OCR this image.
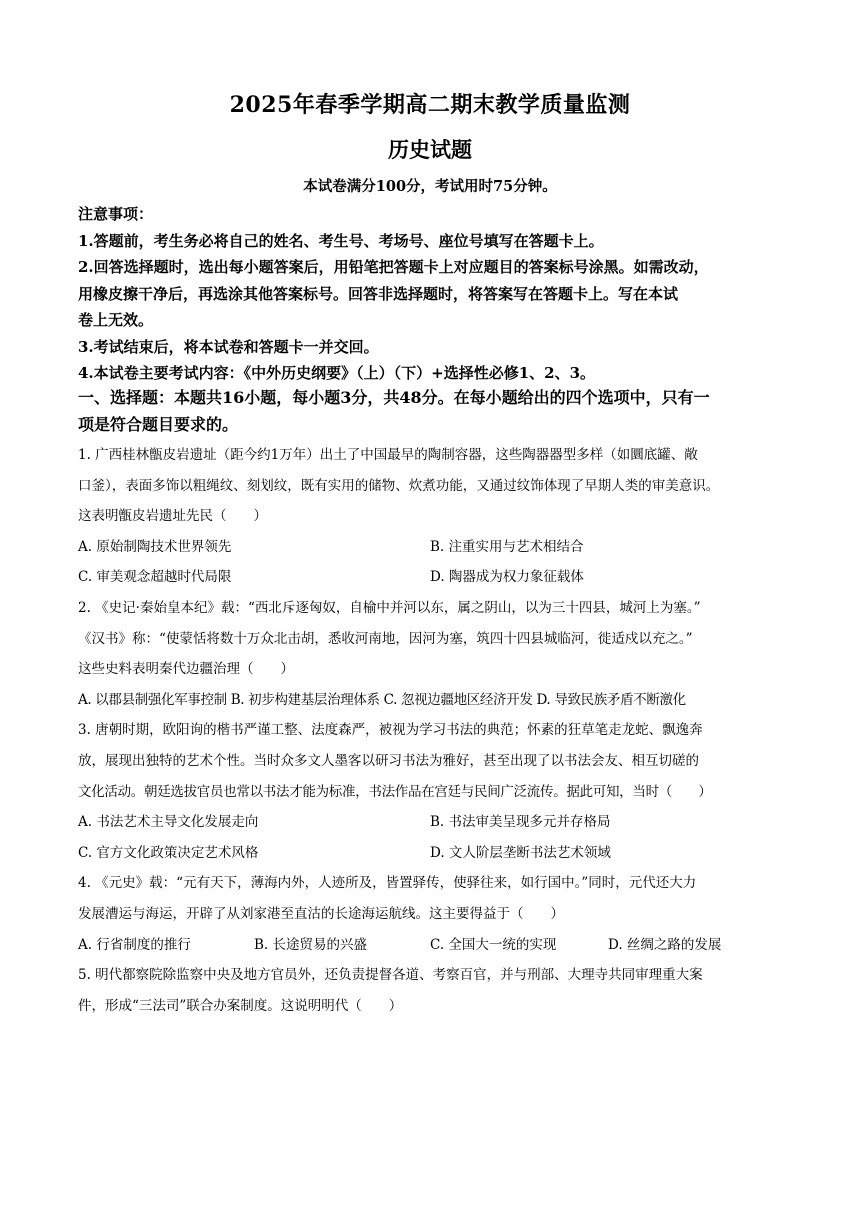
2025年春季学期高二期末教学质量监测
历史试题
本试卷满分100分，考试用时75分钟。

注意事项：

1.答题前，考生务必将自己的姓名、考生号、考场号、座位号填写在答题卡上。

2.回答选择题时，选出每小题答案后，用铅笔把答题卡上对应题目的答案标号涂黑。如需改动，

用橡皮擦干净后，再选涂其他答案标号。回答非选择题时，将答案写在答题卡上。写在本试

卷上无效。

3.考试结束后，将本试卷和答题卡一并交回。

4.本试卷主要考试内容：《中外历史纲要》（上）（下）+选择性必修1、2、3。

一、选择题：本题共16小题，每小题3分，共48分。在每小题给出的四个选项中，只有一

项是符合题目要求的。

1. 广西桂林甑皮岩遗址（距今约1万年）出土了中国最早的陶制容器，这些陶器器型多样（如圜底罐、敞

口釜），表面多饰以粗绳纹、刻划纹，既有实用的储物、炊煮功能，又通过纹饰体现了早期人类的审美意识。

这表明甑皮岩遗址先民（　　）

A. 原始制陶技术世界领先	B. 注重实用与艺术相结合
C. 审美观念超越时代局限	D. 陶器成为权力象征载体

2. 《史记·秦始皇本纪》载：“西北斥逐匈奴，自榆中并河以东，属之阴山，以为三十四县，城河上为塞。”

《汉书》称：“使蒙恬将数十万众北击胡，悉收河南地，因河为塞，筑四十四县城临河，徙适戍以充之。”

这些史料表明秦代边疆治理（　　）

A. 以郡县制强化军事控制 B. 初步构建基层治理体系 C. 忽视边疆地区经济开发 D. 导致民族矛盾不断激化

3. 唐朝时期，欧阳询的楷书严谨工整、法度森严，被视为学习书法的典范；怀素的狂草笔走龙蛇、飘逸奔

放，展现出独特的艺术个性。当时众多文人墨客以研习书法为雅好，甚至出现了以书法会友、相互切磋的

文化活动。朝廷选拔官员也常以书法才能为标准，书法作品在宫廷与民间广泛流传。据此可知，当时（　　）

A. 书法艺术主导文化发展走向	B. 书法审美呈现多元并存格局
C. 官方文化政策决定艺术风格	D. 文人阶层垄断书法艺术领域

4. 《元史》载：“元有天下，薄海内外，人迹所及，皆置驿传，使驿往来，如行国中。”同时，元代还大力

发展漕运与海运，开辟了从刘家港至直沽的长途海运航线。这主要得益于（　　）

A. 行省制度的推行	B. 长途贸易的兴盛	C. 全国大一统的实现	D. 丝绸之路的发展

5. 明代都察院除监察中央及地方官员外，还负责提督各道、考察百官，并与刑部、大理寺共同审理重大案

件，形成“三法司”联合办案制度。这说明明代（　　）
